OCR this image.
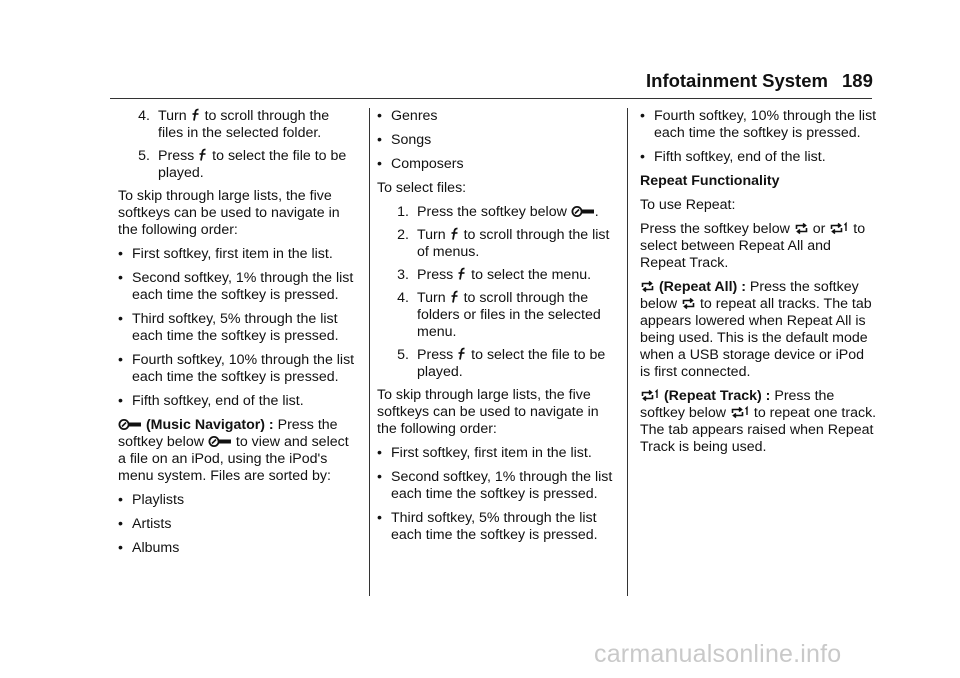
Infotainment System 189
4. Turn to scroll through the files in the selected folder.
5. Press to select the file to be played.

To skip through large lists, the five softkeys can be used to navigate in the following order:

• First softkey, first item in the list.
• Second softkey, 1% through the list each time the softkey is pressed.
• Third softkey, 5% through the list each time the softkey is pressed.
• Fourth softkey, 10% through the list each time the softkey is pressed.
• Fifth softkey, end of the list.

(Music Navigator) : Press the softkey below to view and select a file on an iPod, using the iPod's menu system. Files are sorted by:

• Playlists
• Artists
• Albums
• Genres
• Songs
• Composers

To select files:

1. Press the softkey below .
2. Turn to scroll through the list of menus.
3. Press to select the menu.
4. Turn to scroll through the folders or files in the selected menu.
5. Press to select the file to be played.

To skip through large lists, the five softkeys can be used to navigate in the following order:

• First softkey, first item in the list.
• Second softkey, 1% through the list each time the softkey is pressed.
• Third softkey, 5% through the list each time the softkey is pressed.
• Fourth softkey, 10% through the list each time the softkey is pressed.
• Fifth softkey, end of the list.

Repeat Functionality

To use Repeat:

Press the softkey below or to select between Repeat All and Repeat Track.

(Repeat All) : Press the softkey below to repeat all tracks. The tab appears lowered when Repeat All is being used. This is the default mode when a USB storage device or iPod is first connected.

(Repeat Track) : Press the softkey below to repeat one track. The tab appears raised when Repeat Track is being used.

carmanualsonline.info
